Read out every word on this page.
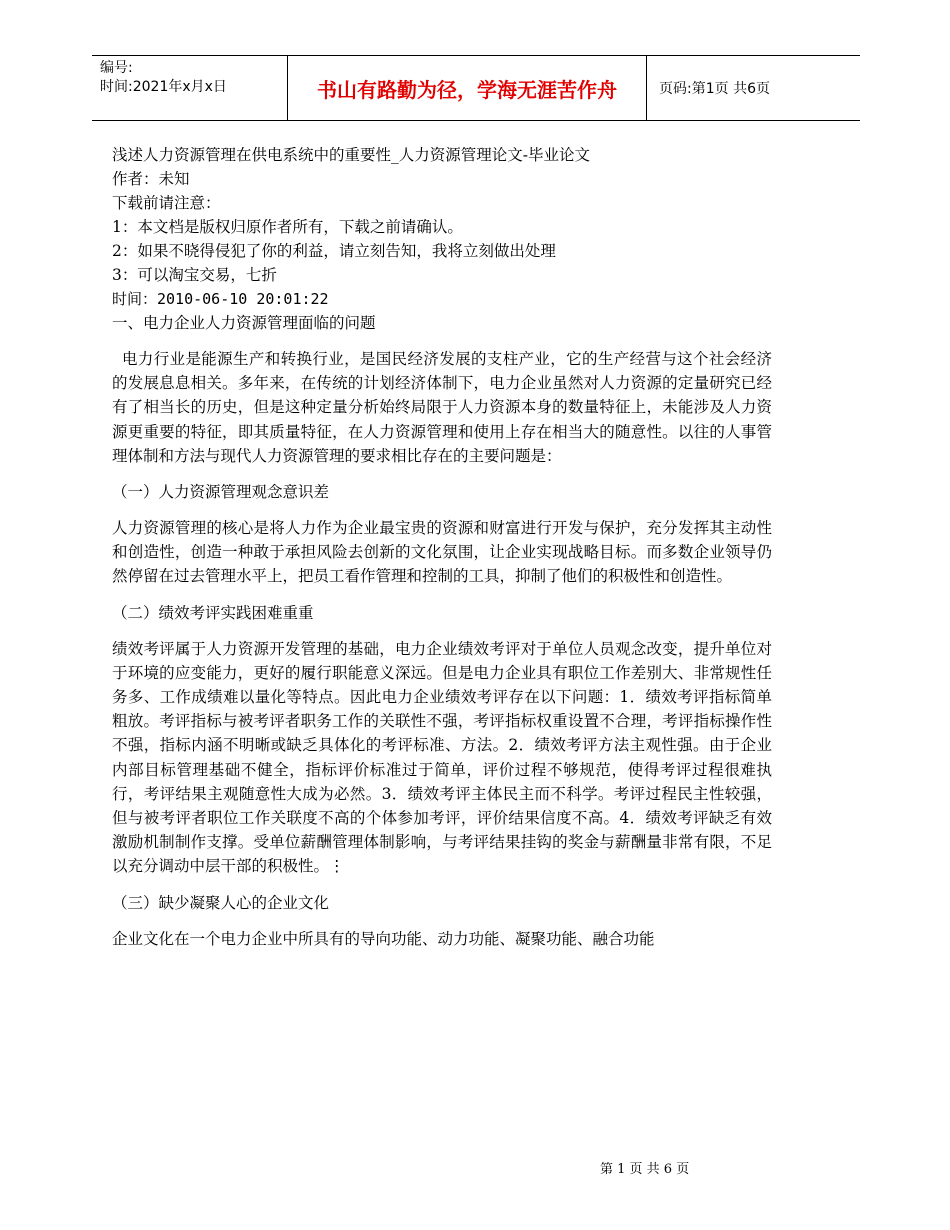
编号:
时间:2021年x月x日	书山有路勤为径，学海无涯苦作舟	页码:第1页 共6页

浅述人力资源管理在供电系统中的重要性_人力资源管理论文-毕业论文

作者：未知

下载前请注意：

1：本文档是版权归原作者所有，下载之前请确认。

2：如果不晓得侵犯了你的利益，请立刻告知，我将立刻做出处理

3：可以淘宝交易，七折

时间：2010-06-10 20:01:22

一、电力企业人力资源管理面临的问题

电力行业是能源生产和转换行业，是国民经济发展的支柱产业，它的生产经营与这个社会经济的发展息息相关。多年来，在传统的计划经济体制下，电力企业虽然对人力资源的定量研究已经有了相当长的历史，但是这种定量分析始终局限于人力资源本身的数量特征上，未能涉及人力资源更重要的特征，即其质量特征，在人力资源管理和使用上存在相当大的随意性。以往的人事管理体制和方法与现代人力资源管理的要求相比存在的主要问题是：

（一）人力资源管理观念意识差

人力资源管理的核心是将人力作为企业最宝贵的资源和财富进行开发与保护，充分发挥其主动性和创造性，创造一种敢于承担风险去创新的文化氛围，让企业实现战略目标。而多数企业领导仍然停留在过去管理水平上，把员工看作管理和控制的工具，抑制了他们的积极性和创造性。

（二）绩效考评实践困难重重

绩效考评属于人力资源开发管理的基础，电力企业绩效考评对于单位人员观念改变，提升单位对于环境的应变能力，更好的履行职能意义深远。但是电力企业具有职位工作差别大、非常规性任务多、工作成绩难以量化等特点。因此电力企业绩效考评存在以下问题：1．绩效考评指标简单粗放。考评指标与被考评者职务工作的关联性不强，考评指标权重设置不合理，考评指标操作性不强，指标内涵不明晰或缺乏具体化的考评标准、方法。2．绩效考评方法主观性强。由于企业内部目标管理基础不健全，指标评价标准过于简单，评价过程不够规范，使得考评过程很难执行，考评结果主观随意性大成为必然。3．绩效考评主体民主而不科学。考评过程民主性较强，但与被考评者职位工作关联度不高的个体参加考评，评价结果信度不高。4．绩效考评缺乏有效激励机制制作支撑。受单位薪酬管理体制影响，与考评结果挂钩的奖金与薪酬量非常有限，不足以充分调动中层干部的积极性。⋮

（三）缺少凝聚人心的企业文化

企业文化在一个电力企业中所具有的导向功能、动力功能、凝聚功能、融合功能

第 1 页 共 6 页
